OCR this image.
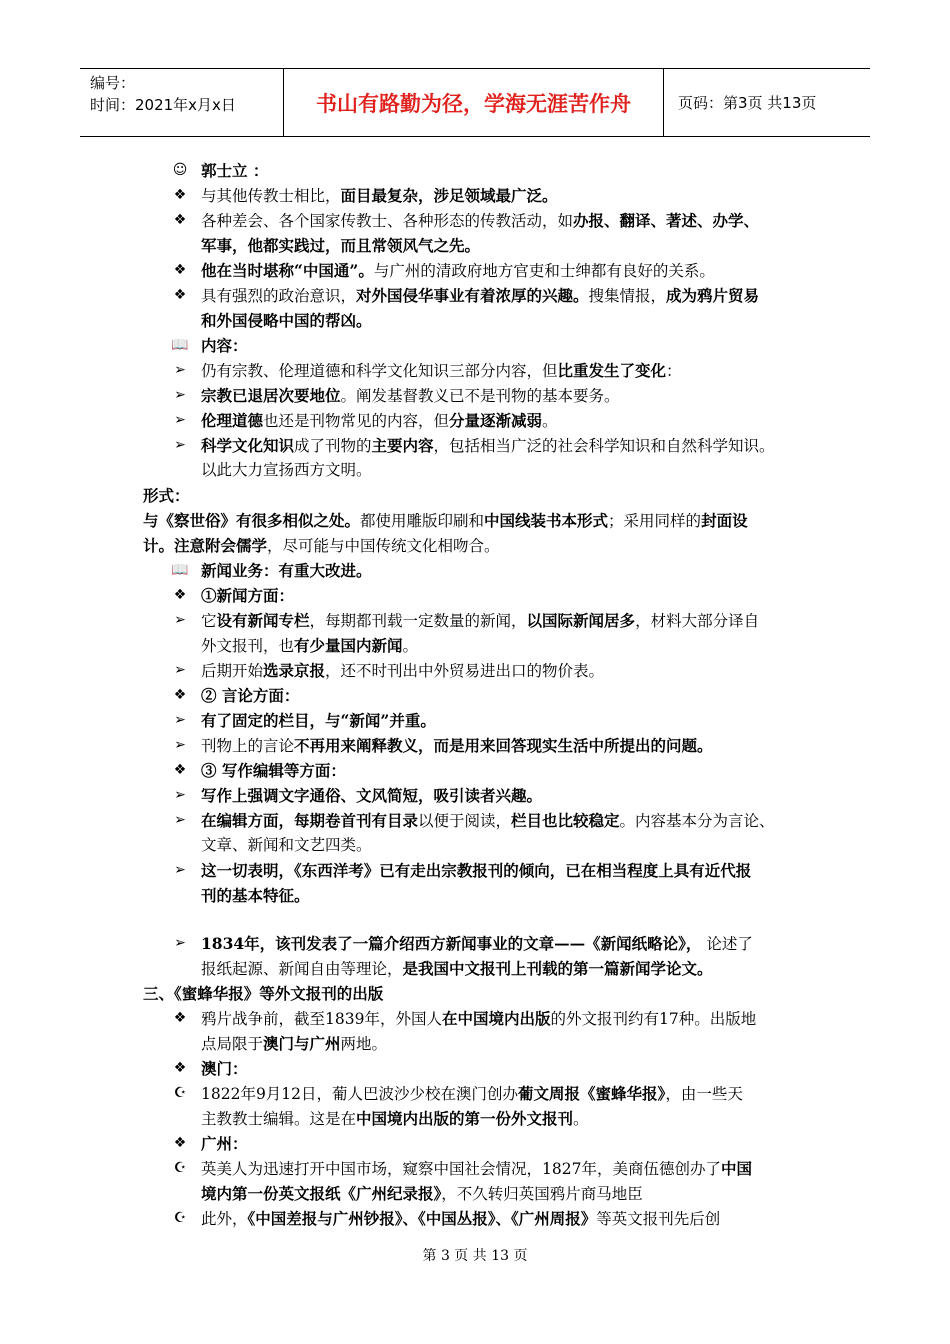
编号：
时间：2021年x月x日	书山有路勤为径，学海无涯苦作舟	页码：第3页 共13页
☺ 郭士立 ：
❖ 与其他传教士相比，面目最复杂，涉足领域最广泛。
❖ 各种差会、各个国家传教士、各种形态的传教活动，如办报、翻译、著述、办学、
军事，他都实践过，而且常领风气之先。
❖ 他在当时堪称“中国通”。与广州的清政府地方官吏和士绅都有良好的关系。
❖ 具有强烈的政治意识，对外国侵华事业有着浓厚的兴趣。搜集情报，成为鸦片贸易
和外国侵略中国的帮凶。
📖 内容：
➢ 仍有宗教、伦理道德和科学文化知识三部分内容，但比重发生了变化：
➢ 宗教已退居次要地位。阐发基督教义已不是刊物的基本要务。
➢ 伦理道德也还是刊物常见的内容，但分量逐渐减弱。
➢ 科学文化知识成了刊物的主要内容，包括相当广泛的社会科学知识和自然科学知识。
以此大力宣扬西方文明。
形式：
与《察世俗》有很多相似之处。都使用雕版印刷和中国线装书本形式；采用同样的封面设
计。注意附会儒学，尽可能与中国传统文化相吻合。
📖 新闻业务：有重大改进。
❖ ①新闻方面：
➢ 它设有新闻专栏，每期都刊载一定数量的新闻，以国际新闻居多，材料大部分译自
外文报刊，也有少量国内新闻。
➢ 后期开始选录京报，还不时刊出中外贸易进出口的物价表。
❖ ② 言论方面：
➢ 有了固定的栏目，与“新闻”并重。
➢ 刊物上的言论不再用来阐释教义，而是用来回答现实生活中所提出的问题。
❖ ③ 写作编辑等方面：
➢ 写作上强调文字通俗、文风简短，吸引读者兴趣。
➢ 在编辑方面，每期卷首刊有目录以便于阅读，栏目也比较稳定。内容基本分为言论、
文章、新闻和文艺四类。
➢ 这一切表明，《东西洋考》已有走出宗教报刊的倾向，已在相当程度上具有近代报
刊的基本特征。
➢ 1834年，该刊发表了一篇介绍西方新闻事业的文章——《新闻纸略论》， 论述了
报纸起源、新闻自由等理论，是我国中文报刊上刊载的第一篇新闻学论文。
三、《蜜蜂华报》等外文报刊的出版
❖ 鸦片战争前，截至1839年，外国人在中国境内出版的外文报刊约有17种。出版地
点局限于澳门与广州两地。
❖ 澳门：
☪ 1822年9月12日，葡人巴波沙少校在澳门创办葡文周报《蜜蜂华报》，由一些天
主教教士编辑。这是在中国境内出版的第一份外文报刊。
❖ 广州：
☪ 英美人为迅速打开中国市场，窥察中国社会情况，1827年，美商伍德创办了中国
境内第一份英文报纸《广州纪录报》，不久转归英国鸦片商马地臣
☪ 此外，《中国差报与广州钞报》、《中国丛报》、《广州周报》等英文报刊先后创
第 3 页 共 13 页
